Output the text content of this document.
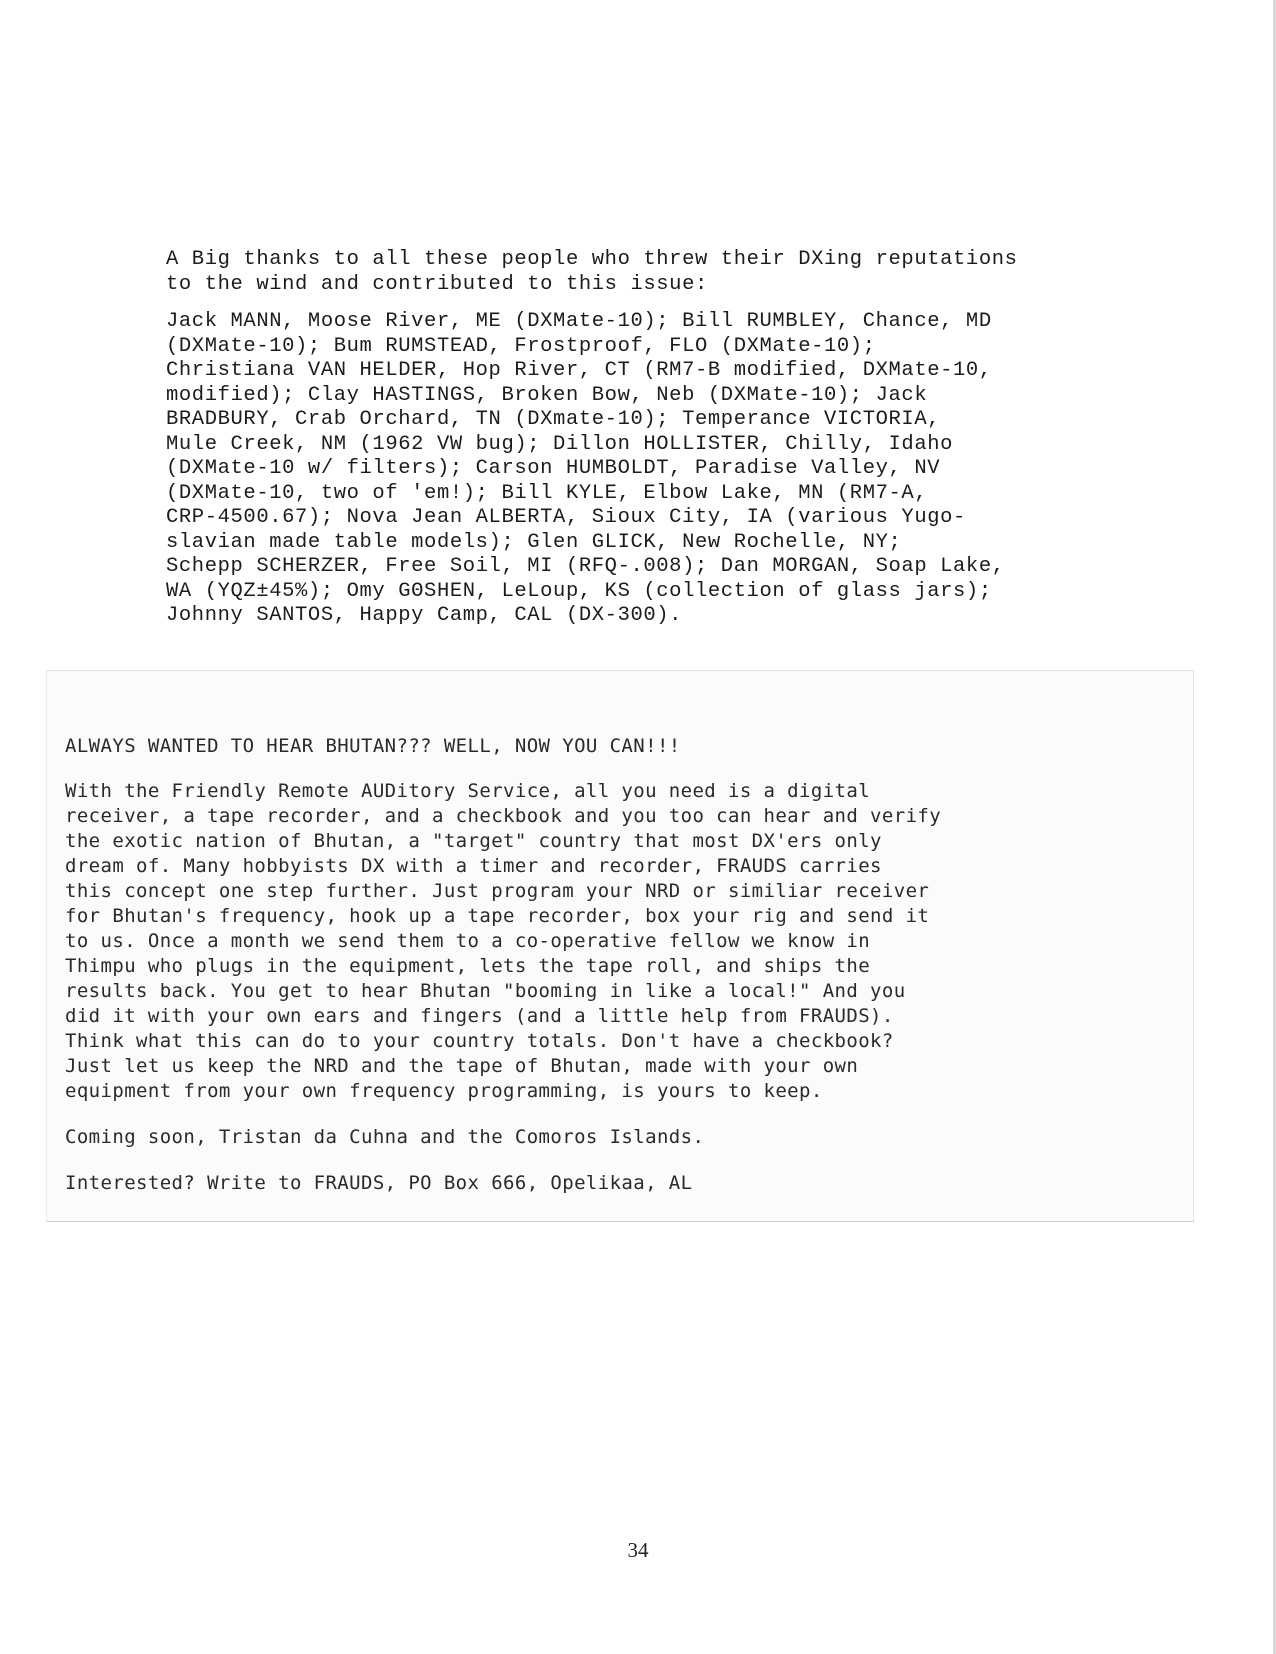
A Big thanks to all these people who threw their DXing reputations
to the wind and contributed to this issue:

Jack MANN, Moose River, ME (DXMate-10); Bill RUMBLEY, Chance, MD
(DXMate-10); Bum RUMSTEAD, Frostproof, FLO (DXMate-10);
Christiana VAN HELDER, Hop River, CT (RM7-B modified, DXMate-10,
modified); Clay HASTINGS, Broken Bow, Neb (DXMate-10); Jack
BRADBURY, Crab Orchard, TN (DXmate-10); Temperance VICTORIA,
Mule Creek, NM (1962 VW bug); Dillon HOLLISTER, Chilly, Idaho
(DXMate-10 w/ filters); Carson HUMBOLDT, Paradise Valley, NV
(DXMate-10, two of 'em!); Bill KYLE, Elbow Lake, MN (RM7-A,
CRP-4500.67); Nova Jean ALBERTA, Sioux City, IA (various Yugo-
slavian made table models); Glen GLICK, New Rochelle, NY;
Schepp SCHERZER, Free Soil, MI (RFQ-.008); Dan MORGAN, Soap Lake,
WA (YQZ±45%); Omy GΘSHEN, LeLoup, KS (collection of glass jars);
Johnny SANTOS, Happy Camp, CAL (DX-300).

ALWAYS WANTED TO HEAR BHUTAN??? WELL, NOW YOU CAN!!!

With the Friendly Remote AUDitory Service, all you need is a digital
receiver, a tape recorder, and a checkbook and you too can hear and verify
the exotic nation of Bhutan, a "target" country that most DX'ers only
dream of. Many hobbyists DX with a timer and recorder, FRAUDS carries
this concept one step further. Just program your NRD or similiar receiver
for Bhutan's frequency, hook up a tape recorder, box your rig and send it
to us. Once a month we send them to a co-operative fellow we know in
Thimpu who plugs in the equipment, lets the tape roll, and ships the
results back. You get to hear Bhutan "booming in like a local!" And you
did it with your own ears and fingers (and a little help from FRAUDS).
Think what this can do to your country totals. Don't have a checkbook?
Just let us keep the NRD and the tape of Bhutan, made with your own
equipment from your own frequency programming, is yours to keep.

Coming soon, Tristan da Cuhna and the Comoros Islands.

Interested? Write to FRAUDS, PO Box 666, Opelikaa, AL

34
